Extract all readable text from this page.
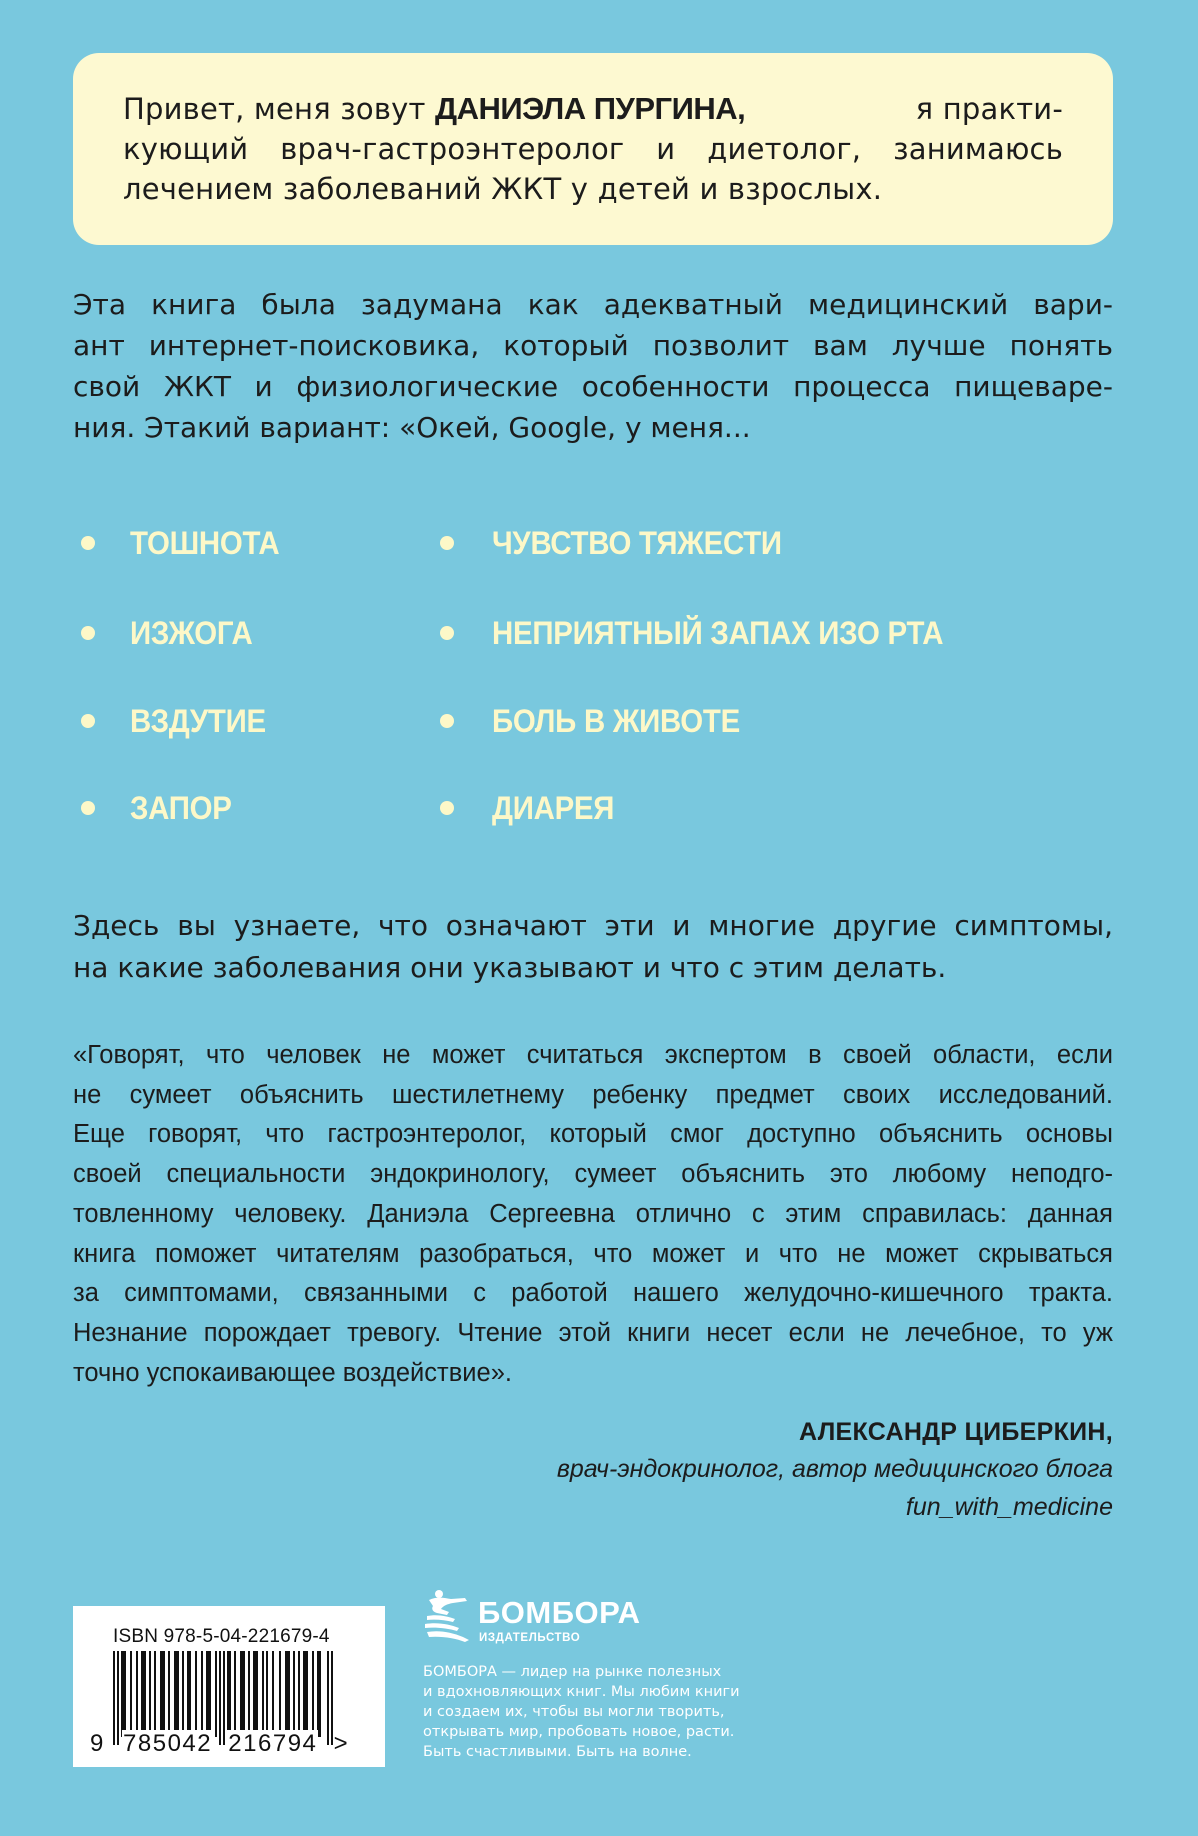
Привет, меня зовут ДАНИЭЛА ПУРГИНА,	я практи-
кующий врач-гастроэнтеролог и диетолог, занимаюсь
лечением заболеваний ЖКТ у детей и взрослых.
Эта книга была задумана как адекватный медицинский вари-
ант интернет-поисковика, который позволит вам лучше понять
свой ЖКТ и физиологические особенности процесса пищеваре-
ния. Этакий вариант: «Окей, Google, у меня...
ТОШНОТА
ИЗЖОГА
ВЗДУТИЕ
ЗАПОР
ЧУВСТВО ТЯЖЕСТИ
НЕПРИЯТНЫЙ ЗАПАХ ИЗО РТА
БОЛЬ В ЖИВОТЕ
ДИАРЕЯ
Здесь вы узнаете, что означают эти и многие другие симптомы,
на какие заболевания они указывают и что с этим делать.
«Говорят, что человек не может считаться экспертом в своей области, если
не сумеет объяснить шестилетнему ребенку предмет своих исследований.
Еще говорят, что гастроэнтеролог, который смог доступно объяснить основы
своей специальности эндокринологу, сумеет объяснить это любому неподго-
товленному человеку. Даниэла Сергеевна отлично с этим справилась: данная
книга поможет читателям разобраться, что может и что не может скрываться
за симптомами, связанными с работой нашего желудочно-кишечного тракта.
Незнание порождает тревогу. Чтение этой книги несет если не лечебное, то уж
точно успокаивающее воздействие».
АЛЕКСАНДР ЦИБЕРКИН,
врач-эндокринолог, автор медицинского блога
fun_with_medicine
ISBN 978-5-04-221679-4
9 785042 216794 >
БОМБОРА
ИЗДАТЕЛЬСТВО
БОМБОРА — лидер на рынке полезных
и вдохновляющих книг. Мы любим книги
и создаем их, чтобы вы могли творить,
открывать мир, пробовать новое, расти.
Быть счастливыми. Быть на волне.
